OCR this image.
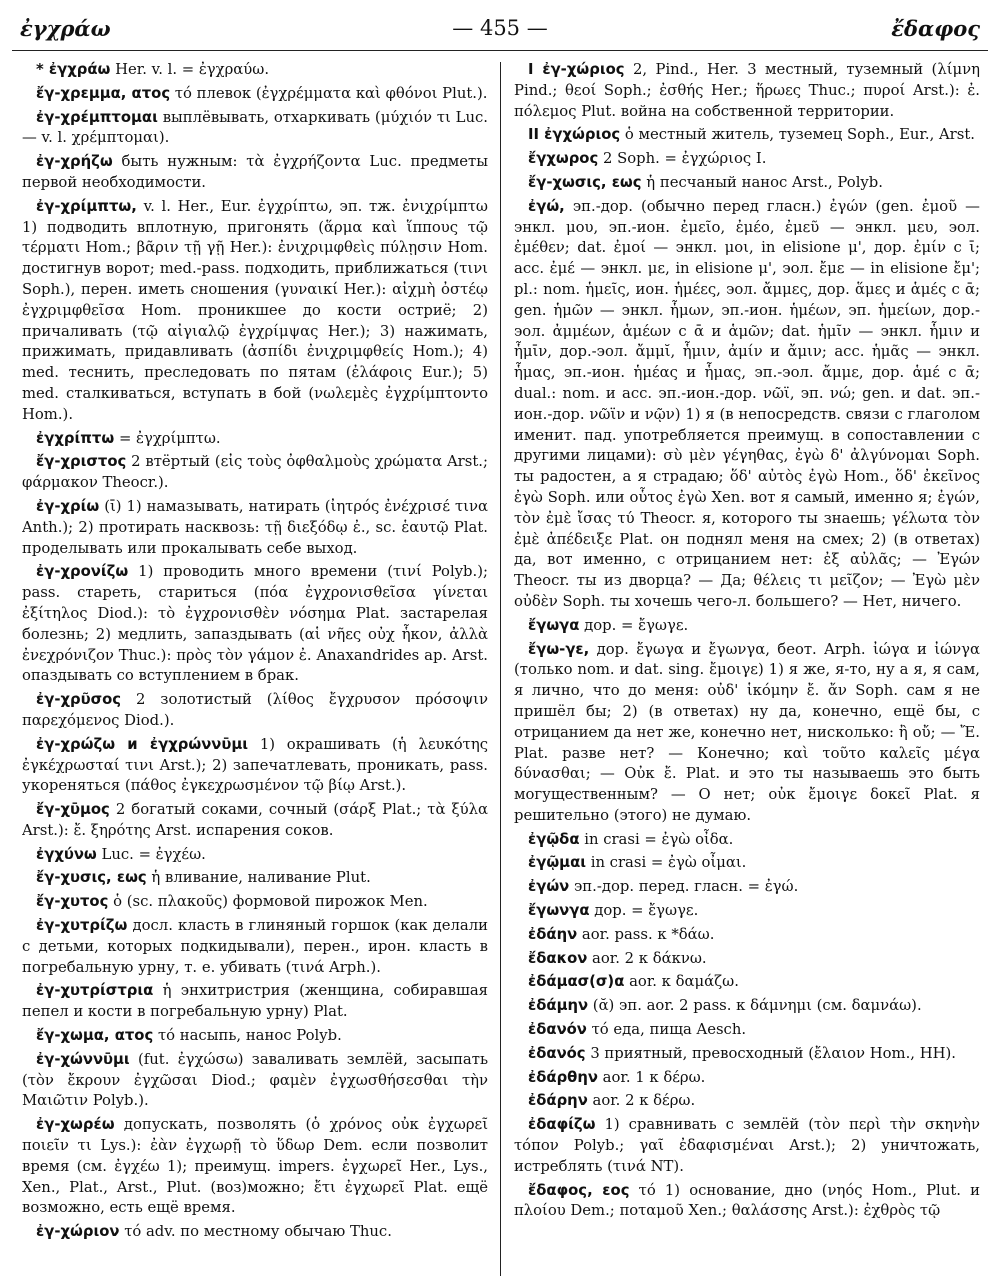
ἐγχράω	— 455 —	ἔδαφος

* ἐγχράω Her. v. l. = ἐγχραύω.

ἔγ-χρεμμα, ατος τό плевок (ἐγχρέμματα καὶ φθόνοι Plut.).

ἐγ-χρέμπτομαι выплёвывать, отхаркивать (μύχιόν τι Luc.— v. l. χρέμπτομαι).

ἐγ-χρήζω быть нужным: τὰ ἐγχρήζοντα Luc. предметы первой необходимости.

ἐγ-χρίμπτω, v. l. Her., Eur. ἐγχρίπτω, эп. тж. ἐνιχρίμπτω 1) подводить вплотную, пригонять (ἅρμα καὶ ἵππους τῷ τέρματι Hom.; βᾶριν τῇ γῇ Her.): ἐνιχριμφθεὶς πύλῃσιν Hom. достигнув ворот; med.-pass. подходить, приближаться (τινι Soph.), перен. иметь сношения (γυναικί Her.): αἰχμὴ ὀστέῳ ἐγχριμφθεῖσα Hom. проникшее до кости остриё; 2) причаливать (τῷ αἰγιαλῷ ἐγχρίμψας Her.); 3) нажимать, прижимать, придавливать (ἀσπίδι ἐνιχριμφθείς Hom.); 4) med. теснить, преследовать по пятам (ἐλάφοις Eur.); 5) med. сталкиваться, вступать в бой (νωλεμὲς ἐγχρίμπτοντο Hom.).

ἐγχρίπτω = ἐγχρίμπτω.

ἔγ-χριστος 2 втёртый (εἰς τοὺς ὀφθαλμοὺς χρώματα Arst.; φάρμακον Theocr.).

ἐγ-χρίω (ῑ) 1) намазывать, натирать (ἰητρός ἐνέχρισέ τινα Anth.); 2) протирать насквозь: τῇ διεξόδῳ ἐ., sc. ἑαυτῷ Plat. проделывать или прокалывать себе выход.

ἐγ-χρονίζω 1) проводить много времени (τινί Polyb.); pass. стареть, стариться (πόα ἐγχρονισθεῖσα γίνεται ἐξίτηλος Diod.): τὸ ἐγχρονισθὲν νόσημα Plat. застарелая болезнь; 2) медлить, запаздывать (αἱ νῆες οὐχ ἧκον, ἀλλὰ ἐνεχρόνιζον Thuc.): πρὸς τὸν γάμον ἐ. Anaxandrides ap. Arst. опаздывать со вступлением в брак.

ἐγ-χρῦσος 2 золотистый (λίθος ἔγχρυσον πρόσοψιν παρεχόμενος Diod.).

ἐγ-χρώζω и ἐγχρώννῡμι 1) окрашивать (ἡ λευκότης ἐγκέχρωσταί τινι Arst.); 2) запечатлевать, проникать, pass. укореняться (πάθος ἐγκεχρωσμένον τῷ βίῳ Arst.).

ἔγ-χῡμος 2 богатый соками, сочный (σάρξ Plat.; τὰ ξύλα Arst.): ἔ. ξηρότης Arst. испарения соков.

ἐγχύνω Luc. = ἐγχέω.

ἔγ-χυσις, εως ἡ вливание, наливание Plut.

ἔγ-χυτος ὁ (sc. πλακοῦς) формовой пирожок Men.

ἐγ-χυτρίζω досл. класть в глиняный горшок (как делали с детьми, которых подкидывали), перен., ирон. класть в погребальную урну, т. е. убивать (τινά Arph.).

ἐγ-χυτρίστρια ἡ энхитристрия (женщина, собиравшая пепел и кости в погребальную урну) Plat.

ἔγ-χωμα, ατος τό насыпь, нанос Polyb.

ἐγ-χώννῡμι (fut. ἐγχώσω) заваливать землёй, засыпать (τὸν ἔκρουν ἐγχῶσαι Diod.; φαμὲν ἐγχωσθήσεσθαι τὴν Μαιῶτιν Polyb.).

ἐγ-χωρέω допускать, позволять (ὁ χρόνος οὐκ ἐγχωρεῖ ποιεῖν τι Lys.): ἐὰν ἐγχωρῇ τὸ ὕδωρ Dem. если позволит время (см. ἐγχέω 1); преимущ. impers. ἐγχωρεῖ Her., Lys., Xen., Plat., Arst., Plut. (воз)можно; ἔτι ἐγχωρεῖ Plat. ещё возможно, есть ещё время.

ἐγ-χώριον τό adv. по местному обычаю Thuc.

I ἐγ-χώριος 2, Pind., Her. 3 местный, туземный (λίμνη Pind.; θεοί Soph.; ἐσθής Her.; ἥρωες Thuc.; πυροί Arst.): ἐ. πόλεμος Plut. война на собственной территории.

II ἐγχώριος ὁ местный житель, туземец Soph., Eur., Arst.

ἔγχωρος 2 Soph. = ἐγχώριος I.

ἔγ-χωσις, εως ἡ песчаный нанос Arst., Polyb.

ἐγώ, эп.-дор. (обычно перед гласн.) ἐγών (gen. ἐμοῦ — энкл. μου, эп.-ион. ἐμεῖο, ἐμέο, ἐμεῦ — энкл. μευ, эол. ἐμέθεν; dat. ἐμοί — энкл. μοι, in elisione μ', дор. ἐμίν с ῑ; acc. ἐμέ — энкл. με, in elisione μ', эол. ἔμε — in elisione ἔμ'; pl.: nom. ἡμεῖς, ион. ἡμέες, эол. ἄμμες, дор. ἅμες и ἁμές с ᾱ; gen. ἡμῶν — энкл. ἧμων, эп.-ион. ἡμέων, эп. ἡμείων, дор.-эол. ἀμμέων, ἁμέων с ᾱ и ἁμῶν; dat. ἡμῖν — энкл. ἧμιν и ἧμῑν, дор.-эол. ἄμμῐ, ἧμιν, ἀμίν и ἄμιν; acc. ἡμᾶς — энкл. ἧμας, эп.-ион. ἡμέας и ἧμας, эп.-эол. ἄμμε, дор. ἁμέ с ᾱ; dual.: nom. и acc. эп.-ион.-дор. νῶϊ, эп. νώ; gen. и dat. эп.-ион.-дор. νῶϊν и νῷν) 1) я (в непосредств. связи с глаголом именит. пад. употребляется преимущ. в сопоставлении с другими лицами): σὺ μὲν γέγηθας, ἐγὼ δ' ἀλγύνομαι Soph. ты радостен, а я страдаю; ὅδ' αὐτὸς ἐγὼ Hom., ὅδ' ἐκεῖνος ἐγὼ Soph. или οὗτος ἐγὼ Xen. вот я самый, именно я; ἐγών, τὸν ἐμὲ ἴσας τύ Theocr. я, которого ты знаешь; γέλωτα τὸν ἐμὲ ἀπέδειξε Plat. он поднял меня на смех; 2) (в ответах) да, вот именно, с отрицанием нет: ἐξ αὐλᾶς; — Ἐγών Theocr. ты из дворца? — Да; θέλεις τι μεῖζον; — Ἐγὼ μὲν οὐδὲν Soph. ты хочешь чего-л. большего? — Нет, ничего.

ἔγωγα дор. = ἔγωγε.

ἔγω-γε, дор. ἔγωγα и ἔγωνγα, беот. Arph. ἰώγα и ἰώνγα (только nom. и dat. sing. ἔμοιγε) 1) я же, я-то, ну а я, я сам, я лично, что до меня: οὐδ' ἱκόμην ἔ. ἄν Soph. сам я не пришёл бы; 2) (в ответах) ну да, конечно, ещё бы, с отрицанием да нет же, конечно нет, нисколько: ἢ οὔ; — Ἔ. Plat. разве нет? — Конечно; καὶ τοῦτο καλεῖς μέγα δύνασθαι; — Οὐκ ἔ. Plat. и это ты называешь это быть могущественным? — О нет; οὐκ ἔμοιγε δοκεῖ Plat. я решительно (этого) не думаю.

ἐγῷδα in crasi = ἐγὼ οἶδα.

ἐγῷμαι in crasi = ἐγὼ οἶμαι.

ἐγών эп.-дор. перед. гласн. = ἐγώ.

ἔγωνγα дор. = ἔγωγε.

ἐδάην aor. pass. к *δάω.

ἔδακον aor. 2 к δάκνω.

ἐδάμασ(σ)α aor. к δαμάζω.

ἐδάμην (ᾰ) эп. aor. 2 pass. к δάμνημι (см. δαμνάω).

ἐδανόν τό еда, пища Aesch.

ἐδανός 3 приятный, превосходный (ἔλαιον Hom., HH).

ἐδάρθην aor. 1 к δέρω.

ἐδάρην aor. 2 к δέρω.

ἐδαφίζω 1) сравнивать с землёй (τὸν περὶ τὴν σκηνὴν τόπον Polyb.; γαῖ ἐδαφισμέναι Arst.); 2) уничтожать, истреблять (τινά NT).

ἔδαφος, εος τό 1) основание, дно (νηός Hom., Plut. и πλοίου Dem.; ποταμοῦ Xen.; θαλάσσης Arst.): ἐχθρὸς τῷ
